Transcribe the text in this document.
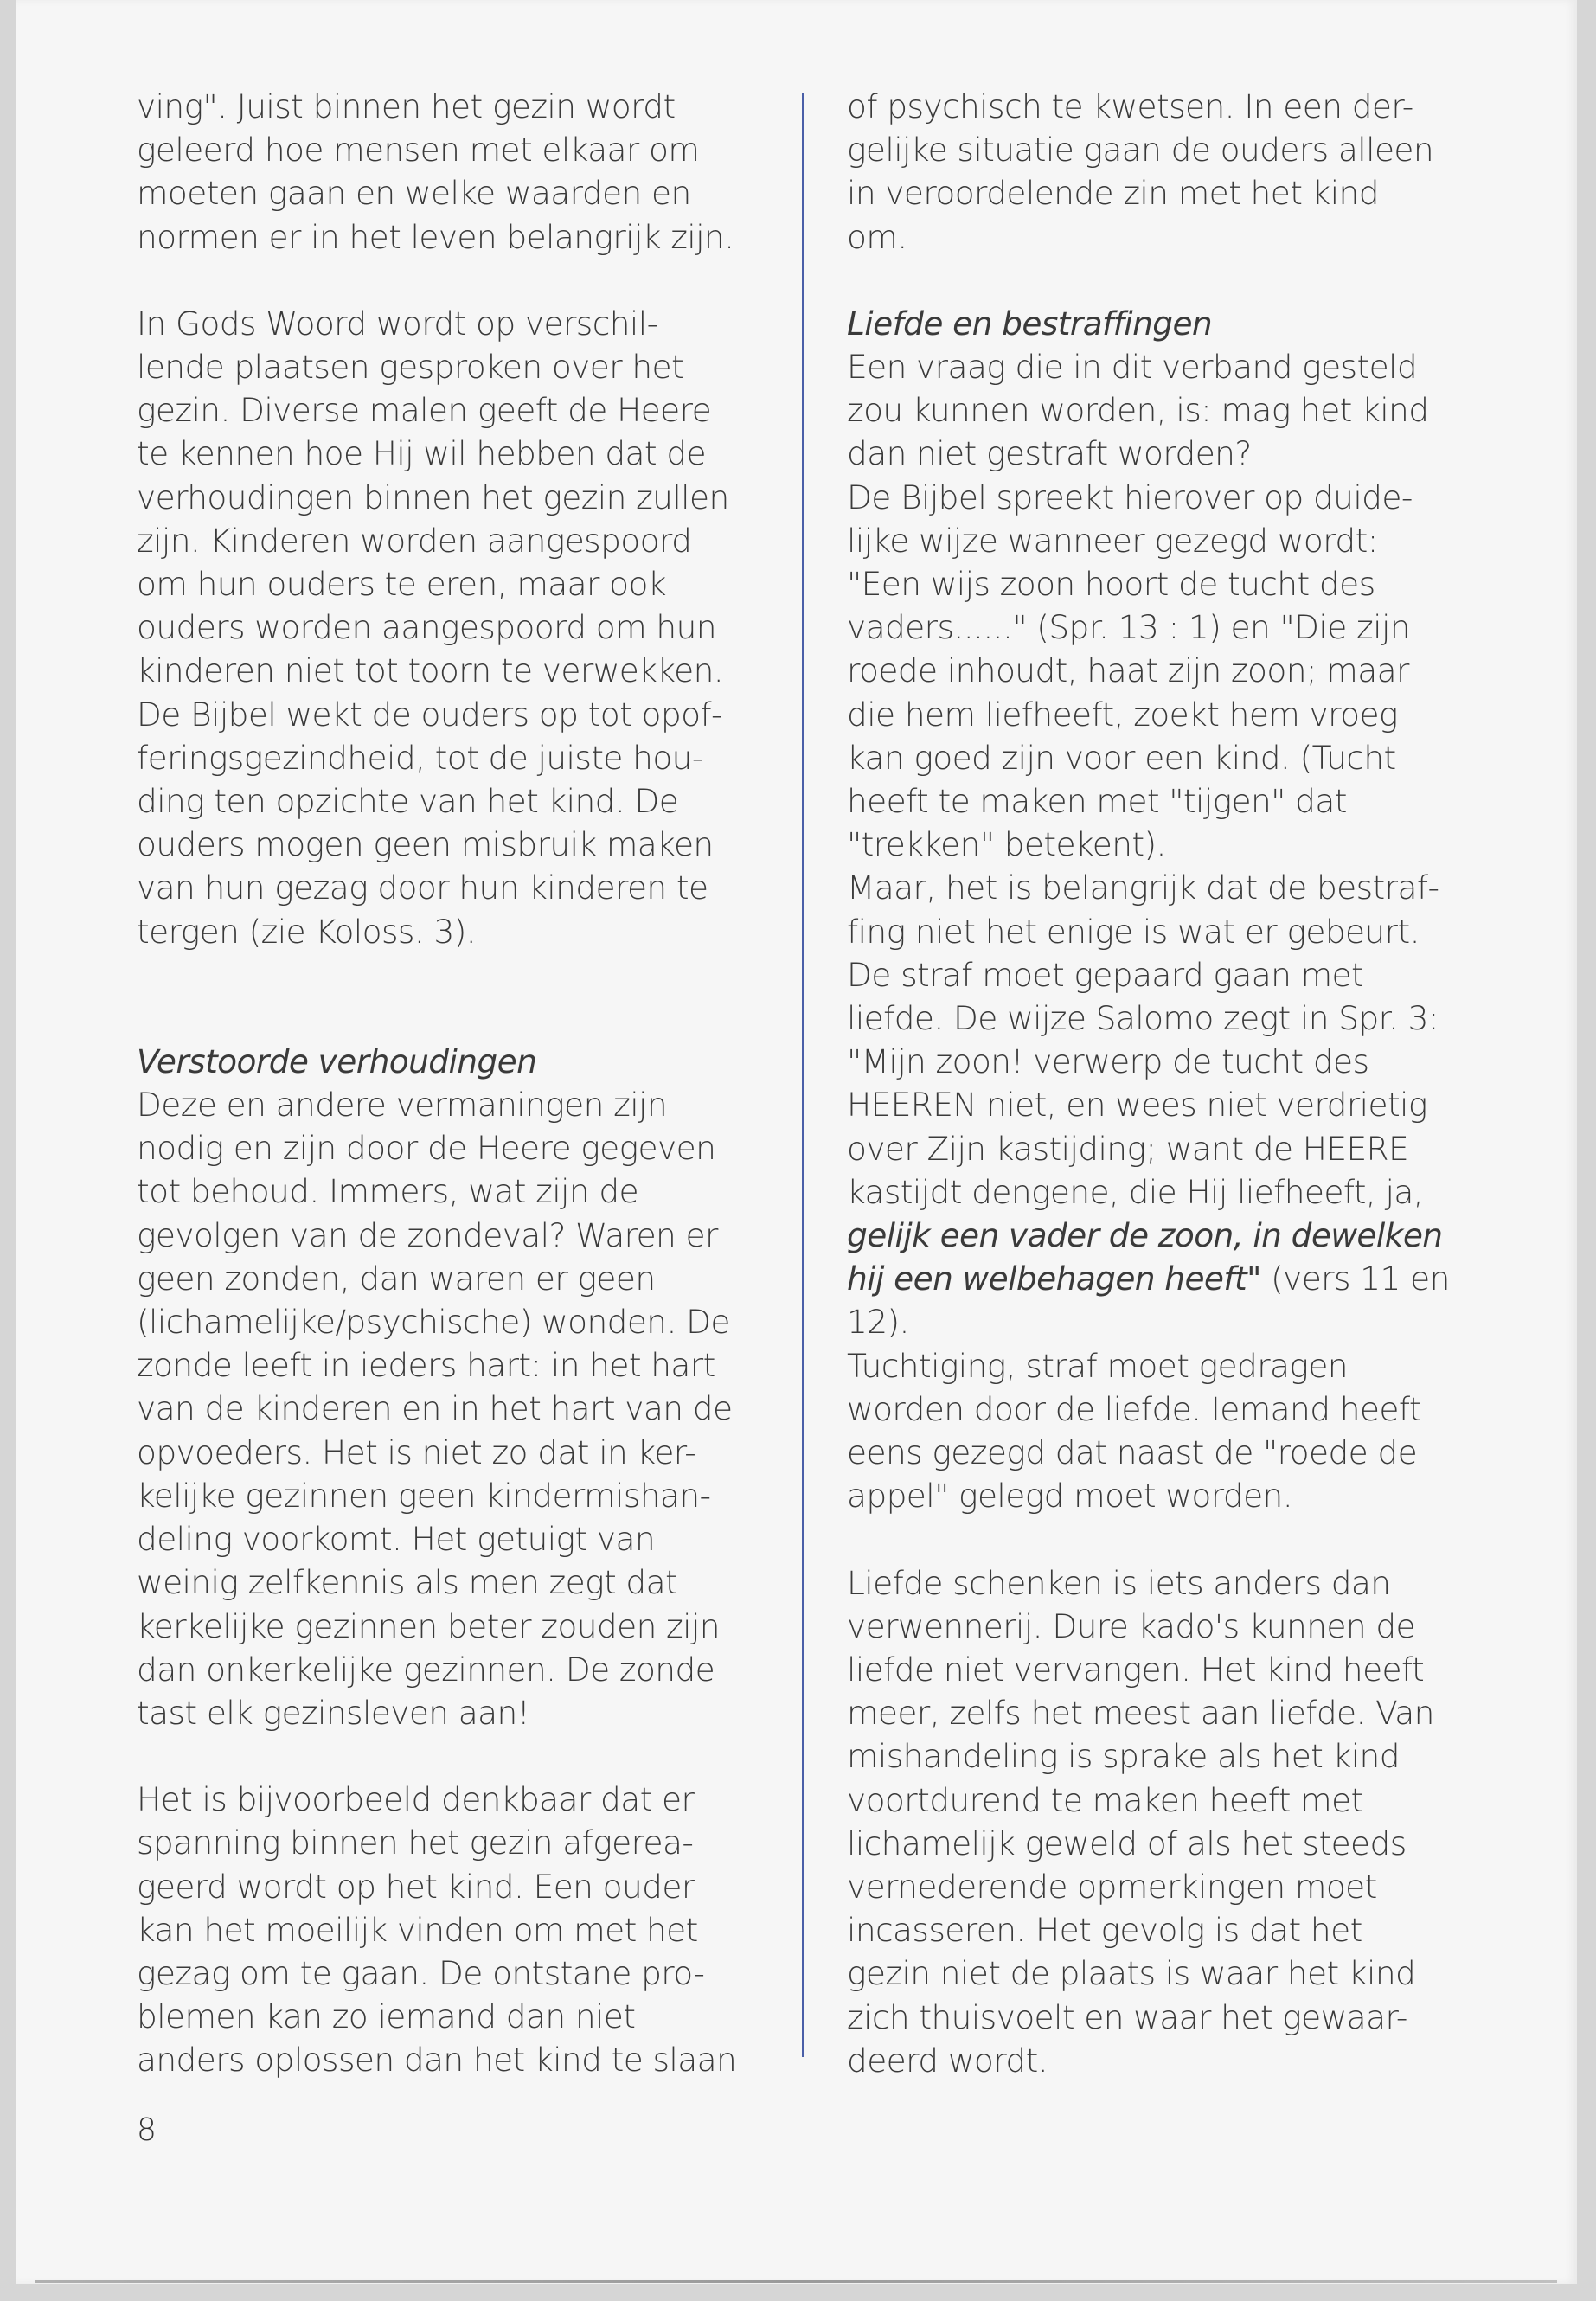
ving". Juist binnen het gezin wordt
geleerd hoe mensen met elkaar om
moeten gaan en welke waarden en
normen er in het leven belangrijk zijn.

In Gods Woord wordt op verschil-
lende plaatsen gesproken over het
gezin. Diverse malen geeft de Heere
te kennen hoe Hij wil hebben dat de
verhoudingen binnen het gezin zullen
zijn. Kinderen worden aangespoord
om hun ouders te eren, maar ook
ouders worden aangespoord om hun
kinderen niet tot toorn te verwekken.
De Bijbel wekt de ouders op tot opof-
feringsgezindheid, tot de juiste hou-
ding ten opzichte van het kind. De
ouders mogen geen misbruik maken
van hun gezag door hun kinderen te
tergen (zie Koloss. 3).

Verstoorde verhoudingen

Deze en andere vermaningen zijn
nodig en zijn door de Heere gegeven
tot behoud. Immers, wat zijn de
gevolgen van de zondeval? Waren er
geen zonden, dan waren er geen
(lichamelijke/psychische) wonden. De
zonde leeft in ieders hart: in het hart
van de kinderen en in het hart van de
opvoeders. Het is niet zo dat in ker-
kelijke gezinnen geen kindermishan-
deling voorkomt. Het getuigt van
weinig zelfkennis als men zegt dat
kerkelijke gezinnen beter zouden zijn
dan onkerkelijke gezinnen. De zonde
tast elk gezinsleven aan!

Het is bijvoorbeeld denkbaar dat er
spanning binnen het gezin afgerea-
geerd wordt op het kind. Een ouder
kan het moeilijk vinden om met het
gezag om te gaan. De ontstane pro-
blemen kan zo iemand dan niet
anders oplossen dan het kind te slaan

of psychisch te kwetsen. In een der-
gelijke situatie gaan de ouders alleen
in veroordelende zin met het kind
om.

Liefde en bestraffingen

Een vraag die in dit verband gesteld
zou kunnen worden, is: mag het kind
dan niet gestraft worden?
De Bijbel spreekt hierover op duide-
lijke wijze wanneer gezegd wordt:
"Een wijs zoon hoort de tucht des
vaders......" (Spr. 13 : 1) en "Die zijn
roede inhoudt, haat zijn zoon; maar
die hem liefheeft, zoekt hem vroeg
kan goed zijn voor een kind. (Tucht
heeft te maken met "tijgen" dat
"trekken" betekent).
Maar, het is belangrijk dat de bestraf-
fing niet het enige is wat er gebeurt.
De straf moet gepaard gaan met
liefde. De wijze Salomo zegt in Spr. 3:
"Mijn zoon! verwerp de tucht des
HEEREN niet, en wees niet verdrietig
over Zijn kastijding; want de HEERE
kastijdt dengene, die Hij liefheeft, ja,
gelijk een vader de zoon, in dewelken
hij een welbehagen heeft" (vers 11 en
12).

Tuchtiging, straf moet gedragen
worden door de liefde. Iemand heeft
eens gezegd dat naast de "roede de
appel" gelegd moet worden.

Liefde schenken is iets anders dan
verwennerij. Dure kado's kunnen de
liefde niet vervangen. Het kind heeft
meer, zelfs het meest aan liefde. Van
mishandeling is sprake als het kind
voortdurend te maken heeft met
lichamelijk geweld of als het steeds
vernederende opmerkingen moet
incasseren. Het gevolg is dat het
gezin niet de plaats is waar het kind
zich thuisvoelt en waar het gewaar-
deerd wordt.

8
